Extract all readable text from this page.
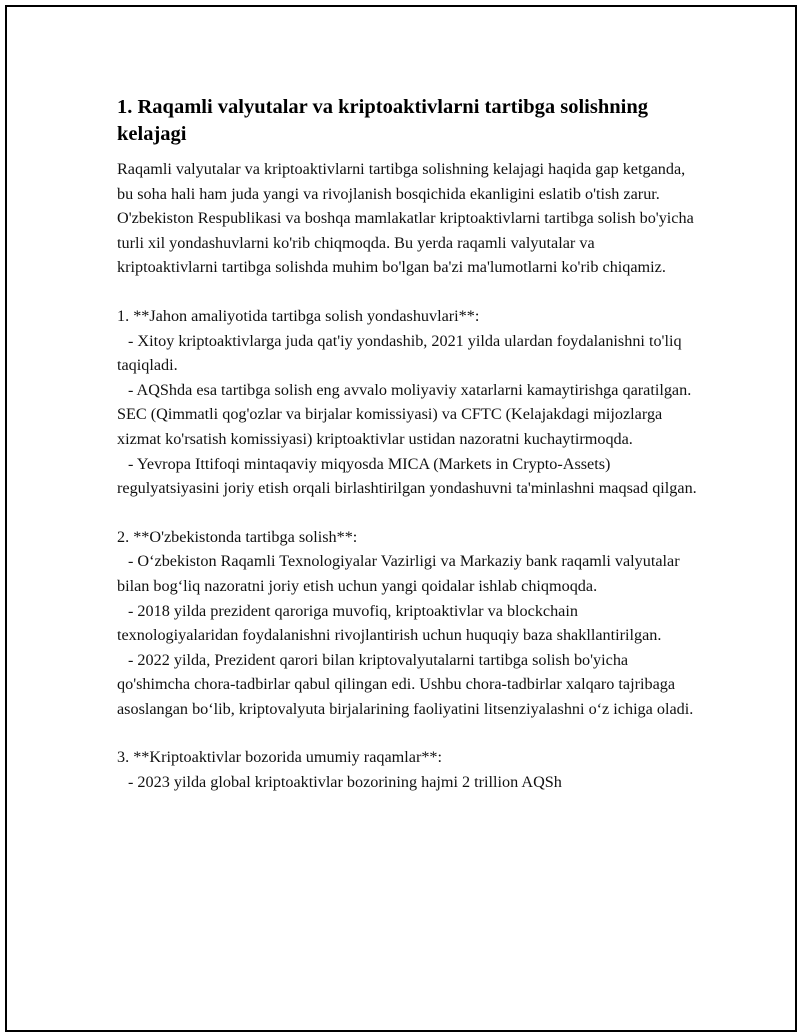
1. Raqamli valyutalar va kriptoaktivlarni tartibga solishning kelajagi

Raqamli valyutalar va kriptoaktivlarni tartibga solishning kelajagi haqida gap ketganda, bu soha hali ham juda yangi va rivojlanish bosqichida ekanligini eslatib o'tish zarur. O'zbekiston Respublikasi va boshqa mamlakatlar kriptoaktivlarni tartibga solish bo'yicha turli xil yondashuvlarni ko'rib chiqmoqda. Bu yerda raqamli valyutalar va kriptoaktivlarni tartibga solishda muhim bo'lgan ba'zi ma'lumotlarni ko'rib chiqamiz.

1. **Jahon amaliyotida tartibga solish yondashuvlari**:
- Xitoy kriptoaktivlarga juda qat'iy yondashib, 2021 yilda ulardan foydalanishni to'liq taqiqladi.
- AQShda esa tartibga solish eng avvalo moliyaviy xatarlarni kamaytirishga qaratilgan. SEC (Qimmatli qog'ozlar va birjalar komissiyasi) va CFTC (Kelajakdagi mijozlarga xizmat ko'rsatish komissiyasi) kriptoaktivlar ustidan nazoratni kuchaytirmoqda.
- Yevropa Ittifoqi mintaqaviy miqyosda MICA (Markets in Crypto-Assets) regulyatsiyasini joriy etish orqali birlashtirilgan yondashuvni ta'minlashni maqsad qilgan.
2. **O'zbekistonda tartibga solish**:
- O‘zbekiston Raqamli Texnologiyalar Vazirligi va Markaziy bank raqamli valyutalar bilan bog‘liq nazoratni joriy etish uchun yangi qoidalar ishlab chiqmoqda.
- 2018 yilda prezident qaroriga muvofiq, kriptoaktivlar va blockchain texnologiyalaridan foydalanishni rivojlantirish uchun huquqiy baza shakllantirilgan.
- 2022 yilda, Prezident qarori bilan kriptovalyutalarni tartibga solish bo'yicha qo'shimcha chora-tadbirlar qabul qilingan edi. Ushbu chora-tadbirlar xalqaro tajribaga asoslangan bo‘lib, kriptovalyuta birjalarining faoliyatini litsenziyalashni o‘z ichiga oladi.
3. **Kriptoaktivlar bozorida umumiy raqamlar**:
- 2023 yilda global kriptoaktivlar bozorining hajmi 2 trillion AQSh
